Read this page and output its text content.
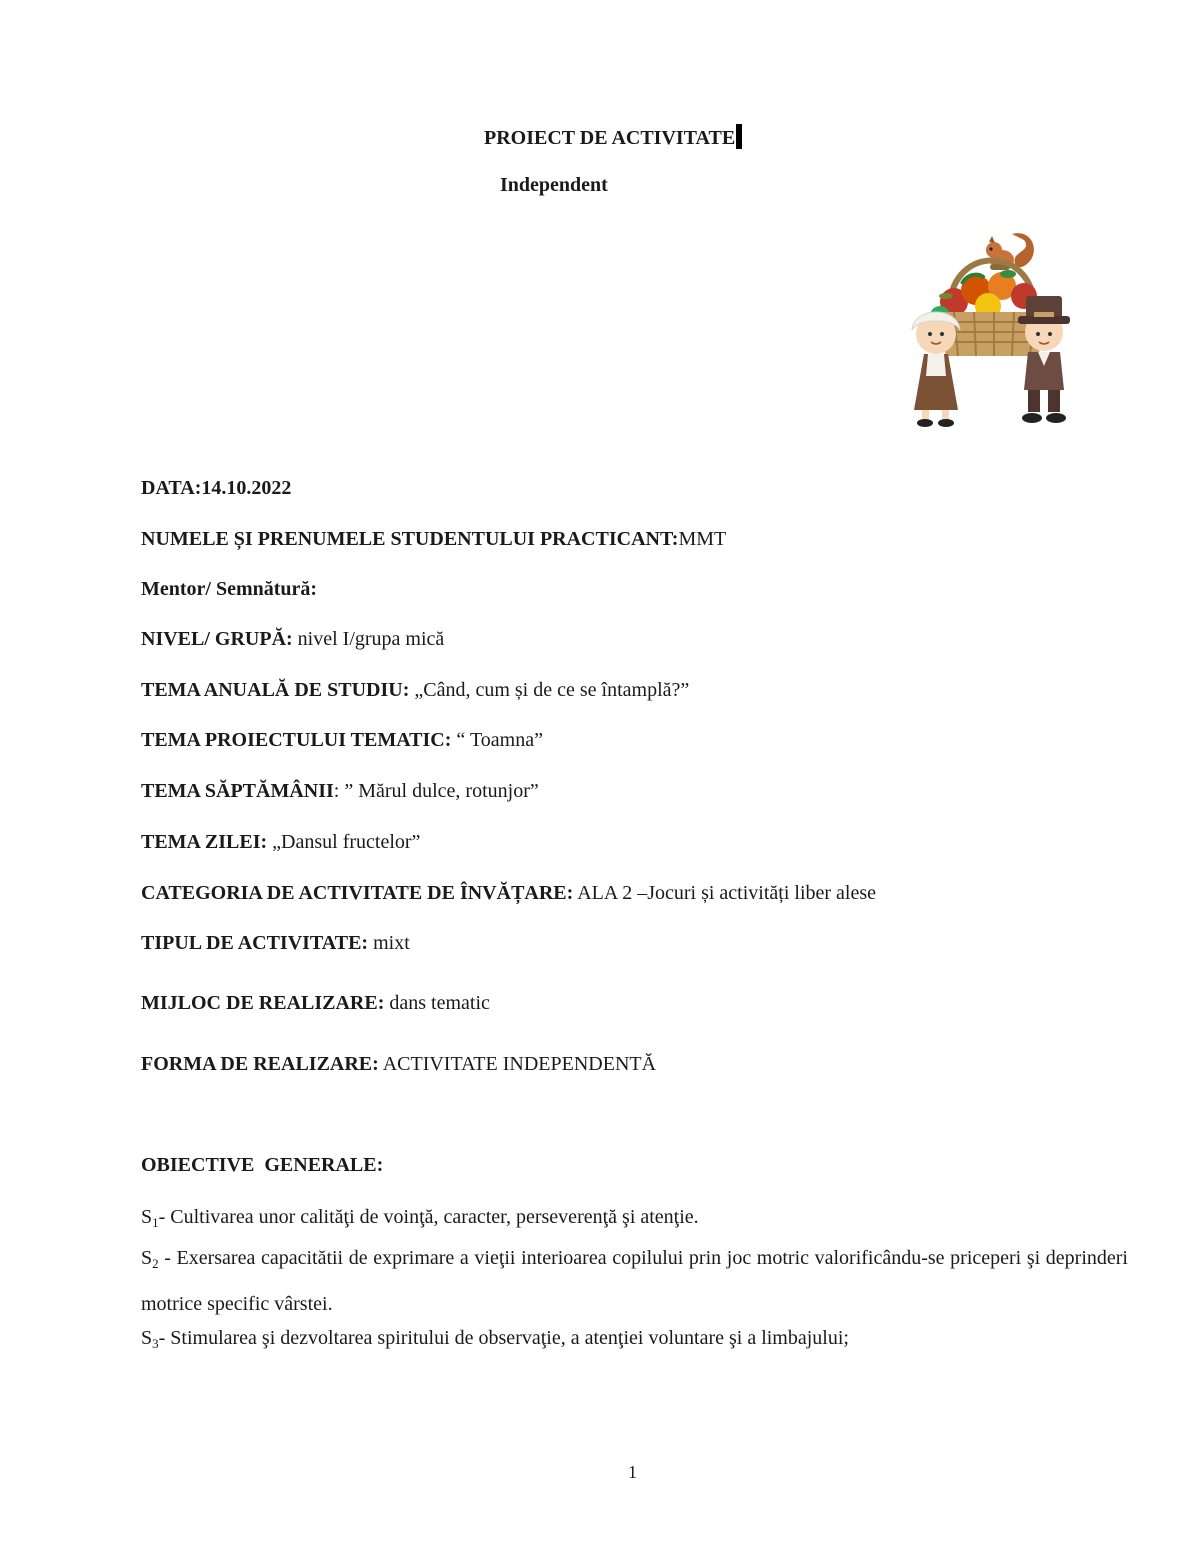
PROIECT DE ACTIVITATE
Independent
DATA:14.10.2022
NUMELE ȘI PRENUMELE STUDENTULUI PRACTICANT:MMT
Mentor/ Semnătură:
NIVEL/ GRUPĂ: nivel I/grupa mică
TEMA ANUALĂ DE STUDIU: „Când, cum și de ce se întamplă?”
TEMA PROIECTULUI TEMATIC: “ Toamna”
TEMA SĂPTĂMÂNII: ” Mărul dulce, rotunjor”
TEMA ZILEI: „Dansul fructelor”
CATEGORIA DE ACTIVITATE DE ÎNVĂȚARE: ALA 2 –Jocuri și activități liber alese
TIPUL DE ACTIVITATE: mixt
MIJLOC DE REALIZARE: dans tematic
FORMA DE REALIZARE: ACTIVITATE INDEPENDENTĂ
OBIECTIVE  GENERALE:
$S_1-$ Cultivarea unor calităţi de voinţă, caracter, perseverenţă şi atenţie.
$S_2$ - Exersarea capacitătii de exprimare a vieţii interioarea copilului prin joc motric valorificându-se priceperi şi deprinderi motrice specific vârstei.
$S_3-$ Stimularea şi dezvoltarea spiritului de observaţie, a atenţiei voluntare şi a limbajului;
1
